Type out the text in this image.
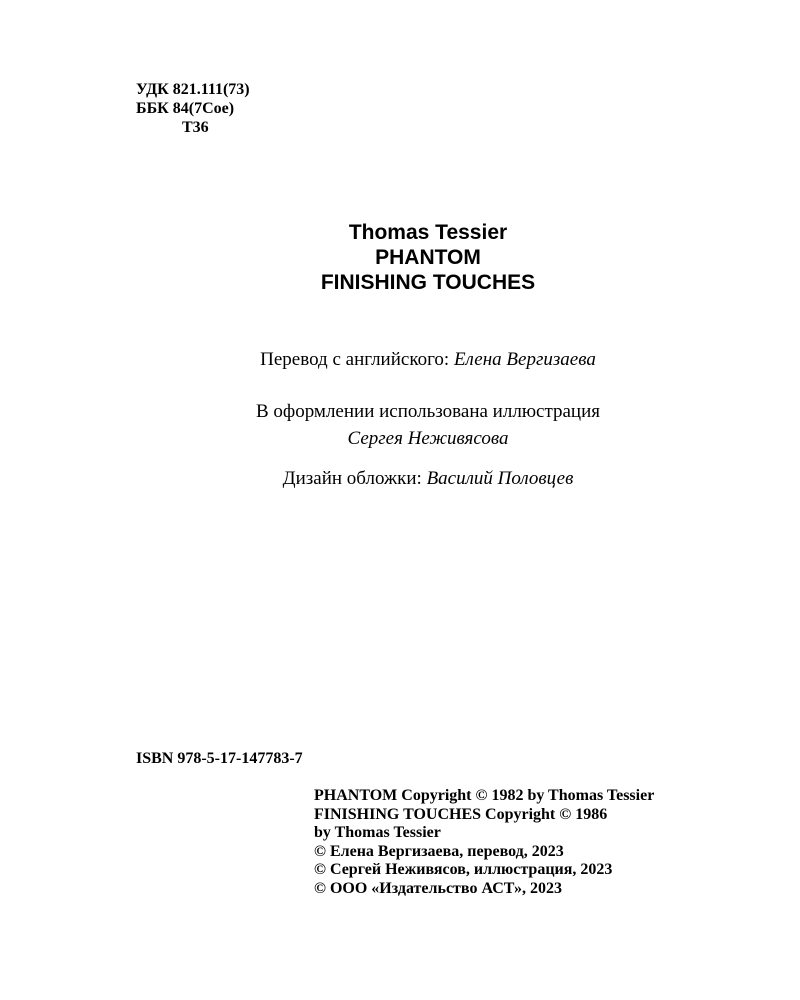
УДК 821.111(73)
ББК 84(7Сое)
Т36
Thomas Tessier
PHANTOM
FINISHING TOUCHES
Перевод с английского: Елена Вергизаева
В оформлении использована иллюстрация
Сергея Неживясова
Дизайн обложки: Василий Половцев
ISBN 978-5-17-147783-7
PHANTOM Copyright © 1982 by Thomas Tessier
FINISHING TOUCHES Copyright © 1986
by Thomas Tessier
© Елена Вергизаева, перевод, 2023
© Сергей Неживясов, иллюстрация, 2023
© ООО «Издательство АСТ», 2023
